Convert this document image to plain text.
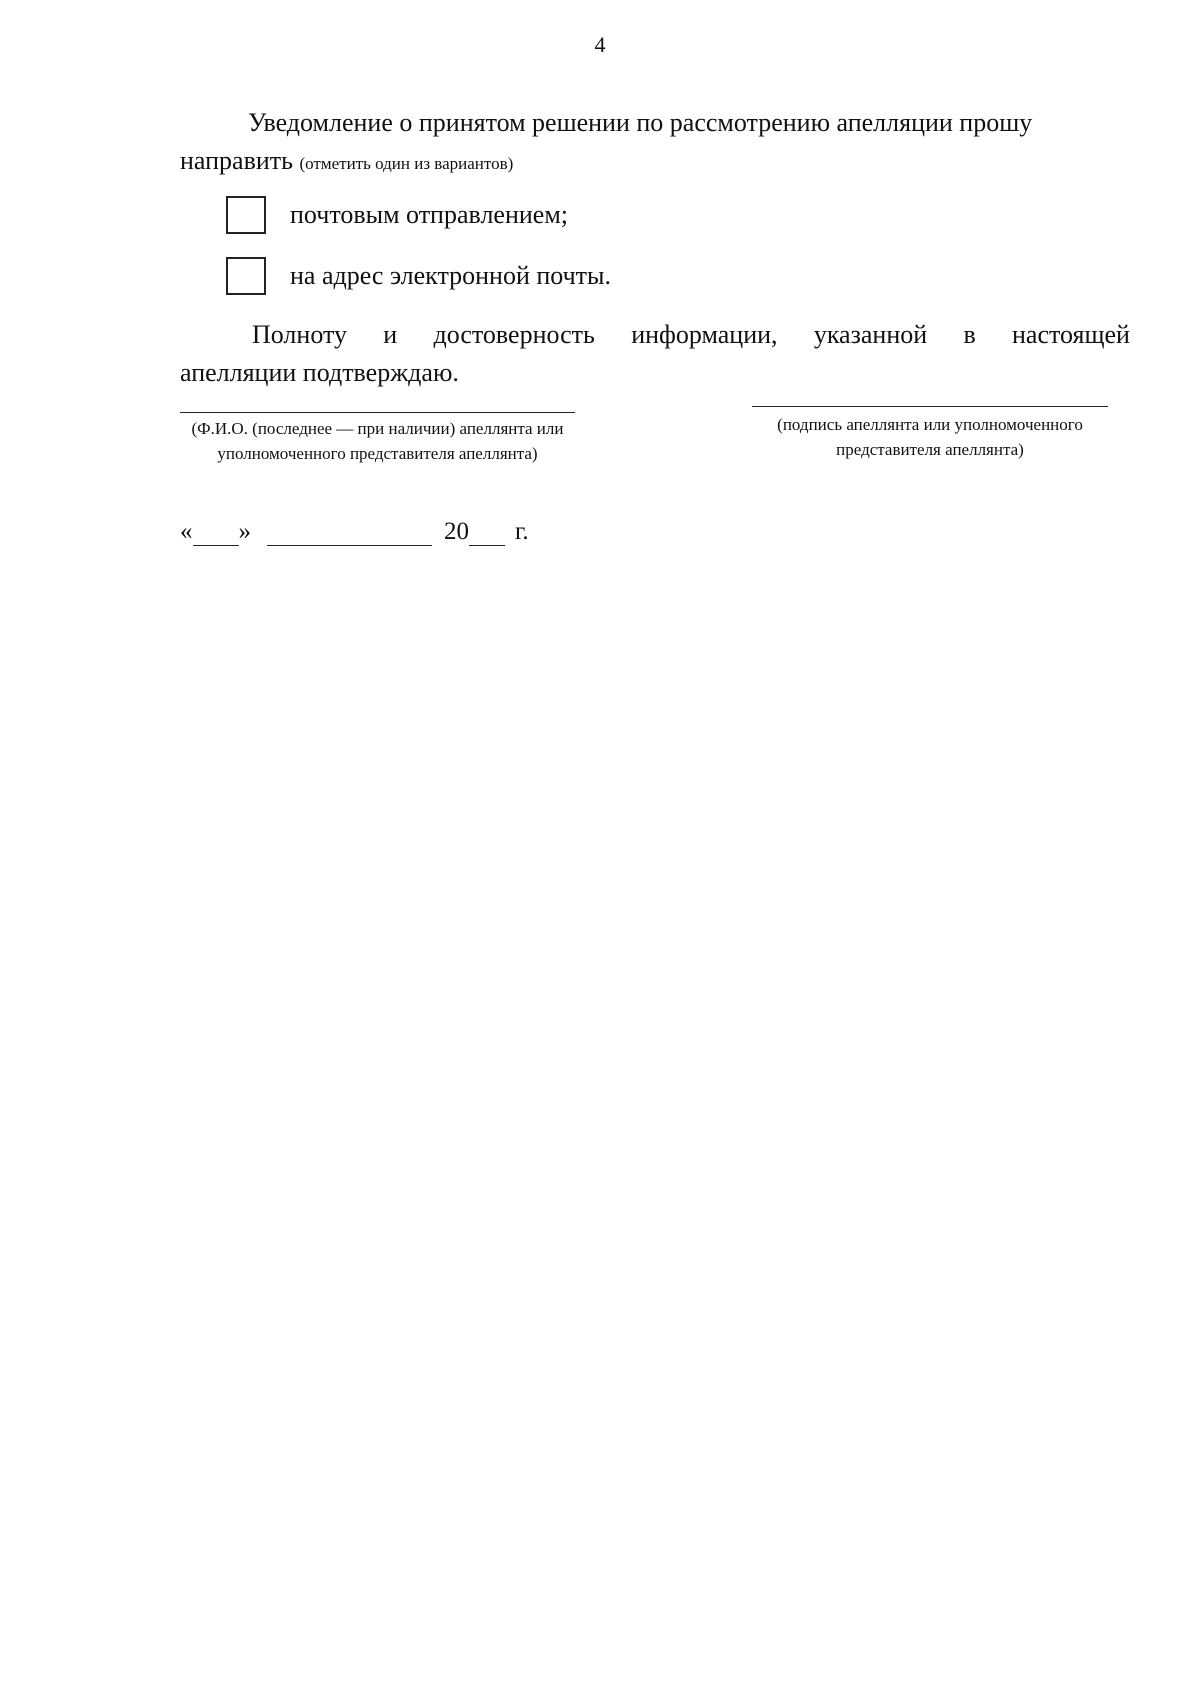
4
Уведомление о принятом решении по рассмотрению апелляции прошу направить (отметить один из вариантов)
почтовым отправлением;
на адрес электронной почты.
Полноту и достоверность информации, указанной в настоящей
апелляции подтверждаю.
(Ф.И.О. (последнее — при наличии) апеллянта или уполномоченного представителя апеллянта)
(подпись апеллянта или уполномоченного представителя апеллянта)
« »	20 г.
